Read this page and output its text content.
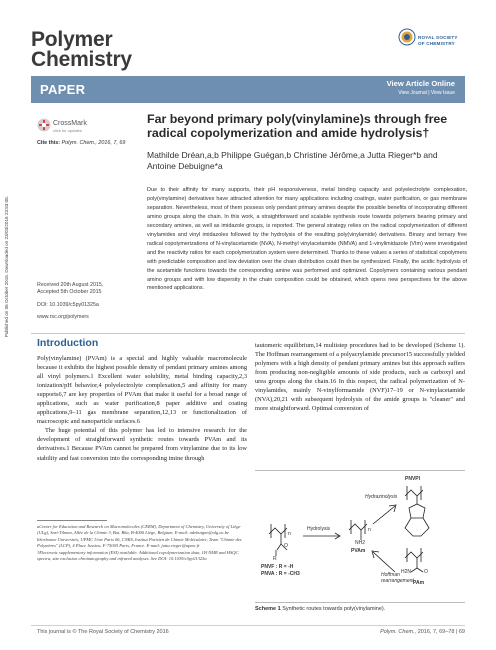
Polymer
Chemistry
ROYAL SOCIETY
OF CHEMISTRY
PAPER	View Article Online
View Journal | View Issue
CrossMark
click for updates
Cite this: Polym. Chem., 2016, 7, 69
Far beyond primary poly(vinylamine)s through free radical copolymerization and amide hydrolysis†
Mathilde Dréan,a,b Philippe Guégan,b Christine Jérôme,a Jutta Rieger*b and Antoine Debuigne*a
Published on 06 October 2015. Downloaded on 23/03/2016 23:53:08.	Received 20th August 2015,
Accepted 5th October 2015
DOI: 10.1039/c5py01325a
www.rsc.org/polymers
Due to their affinity for many supports, their pH responsiveness, metal binding capacity and polyelectrolyte complexation, poly(vinylamine) derivatives have attracted attention for many applications including coatings, water purification, or gas membrane separation. Nevertheless, most of them possess only pendant primary amines despite the possible benefits of incorporating different amino groups along the chain. In this work, a straightforward and scalable synthesis route towards polymers bearing primary and secondary amines, as well as imidazole groups, is reported. The general strategy relies on the radical copolymerization of different vinylamides and vinyl imidazoles followed by the hydrolysis of the resulting poly(vinylamide) derivatives. Binary and ternary free radical copolymerizations of N-vinylacetamide (NVA), N-methyl vinylacetamide (NMVA) and 1-vinylimidazole (VIm) were investigated and the reactivity ratios for each copolymerization system were determined. Thanks to these values a series of statistical copolymers with predictable composition and low deviation over the chain distribution could then be synthesized. Finally, the acidic hydrolysis of the acetamide functions towards the corresponding amine was performed and optimized. Copolymers containing various pendant amino groups and with low dispersity in the chain composition could be obtained, which opens new perspectives for the above mentioned applications.
Introduction

Poly(vinylamine) (PVAm) is a special and highly valuable macromolecule because it exhibits the highest possible density of pendant primary amines among all vinyl polymers.1 Excellent water solubility, metal binding capacity,2,3 ionization/pH behavior,4 polyelectrolyte complexation,5 and affinity for many supports6,7 are key properties of PVAm that make it useful for a broad range of applications, such as water purification,8 paper additive and coating applications,9–11 gas membrane separation,12,13 or functionalization of macroscopic and nanoparticle surfaces.6

The huge potential of this polymer has led to intensive research for the development of straightforward synthetic routes towards PVAm and its derivatives.1 Because PVAm cannot be prepared from vinylamine due to its low stability and fast conversion into the corresponding imine through

tautomeric equilibrium,14 multistep procedures had to be developed (Scheme 1). The Hoffman rearrangement of a polyacrylamide precursor15 successfully yielded polymers with a high density of pendant primary amines but this approach suffers from producing non-negligible amounts of side products, such as carboxyl and urea groups along the chain.16 In this respect, the radical polymerization of N-vinylamides, mainly N-vinylformamide (NVF)17–19 or N-vinylacetamide (NVA),20,21 with subsequent hydrolysis of the amide groups is "cleaner" and more straightforward. Optimal conversion of

aCenter for Education and Research on Macromolecules (CERM), Department of Chemistry, University of Liège (ULg), Sart-Tilman, Allée de la Chimie 3, Bat. B6a, B-4000 Liège, Belgium. E-mail: adebuigne@ulg.ac.be
bSorbonne Universités, UPMC Univ Paris 06, CNRS, Institut Parisien de Chimie Moléculaire, Team "Chimie des Polymères" (LCP), 4 Place Jussieu, F-75005 Paris, France. E-mail: jutta.rieger@upmc.fr
†Electronic supplementary information (ESI) available: Additional copolymerization data, 1H NMR and HSQC spectra, size exclusion chromatography and infrared analyses. See DOI: 10.1039/c5py01325a
PNVPI
Hydrazinolysis
Hydrolysis
n
O
R
PNVF : R = -H
PNVA : R = -CH3
n
NH2
PVAm
Hoffman
rearrangement
H2N	O
PAm
Scheme 1 Synthetic routes towards poly(vinylamine).
This journal is © The Royal Society of Chemistry 2016	Polym. Chem., 2016, 7, 69–78 | 69
